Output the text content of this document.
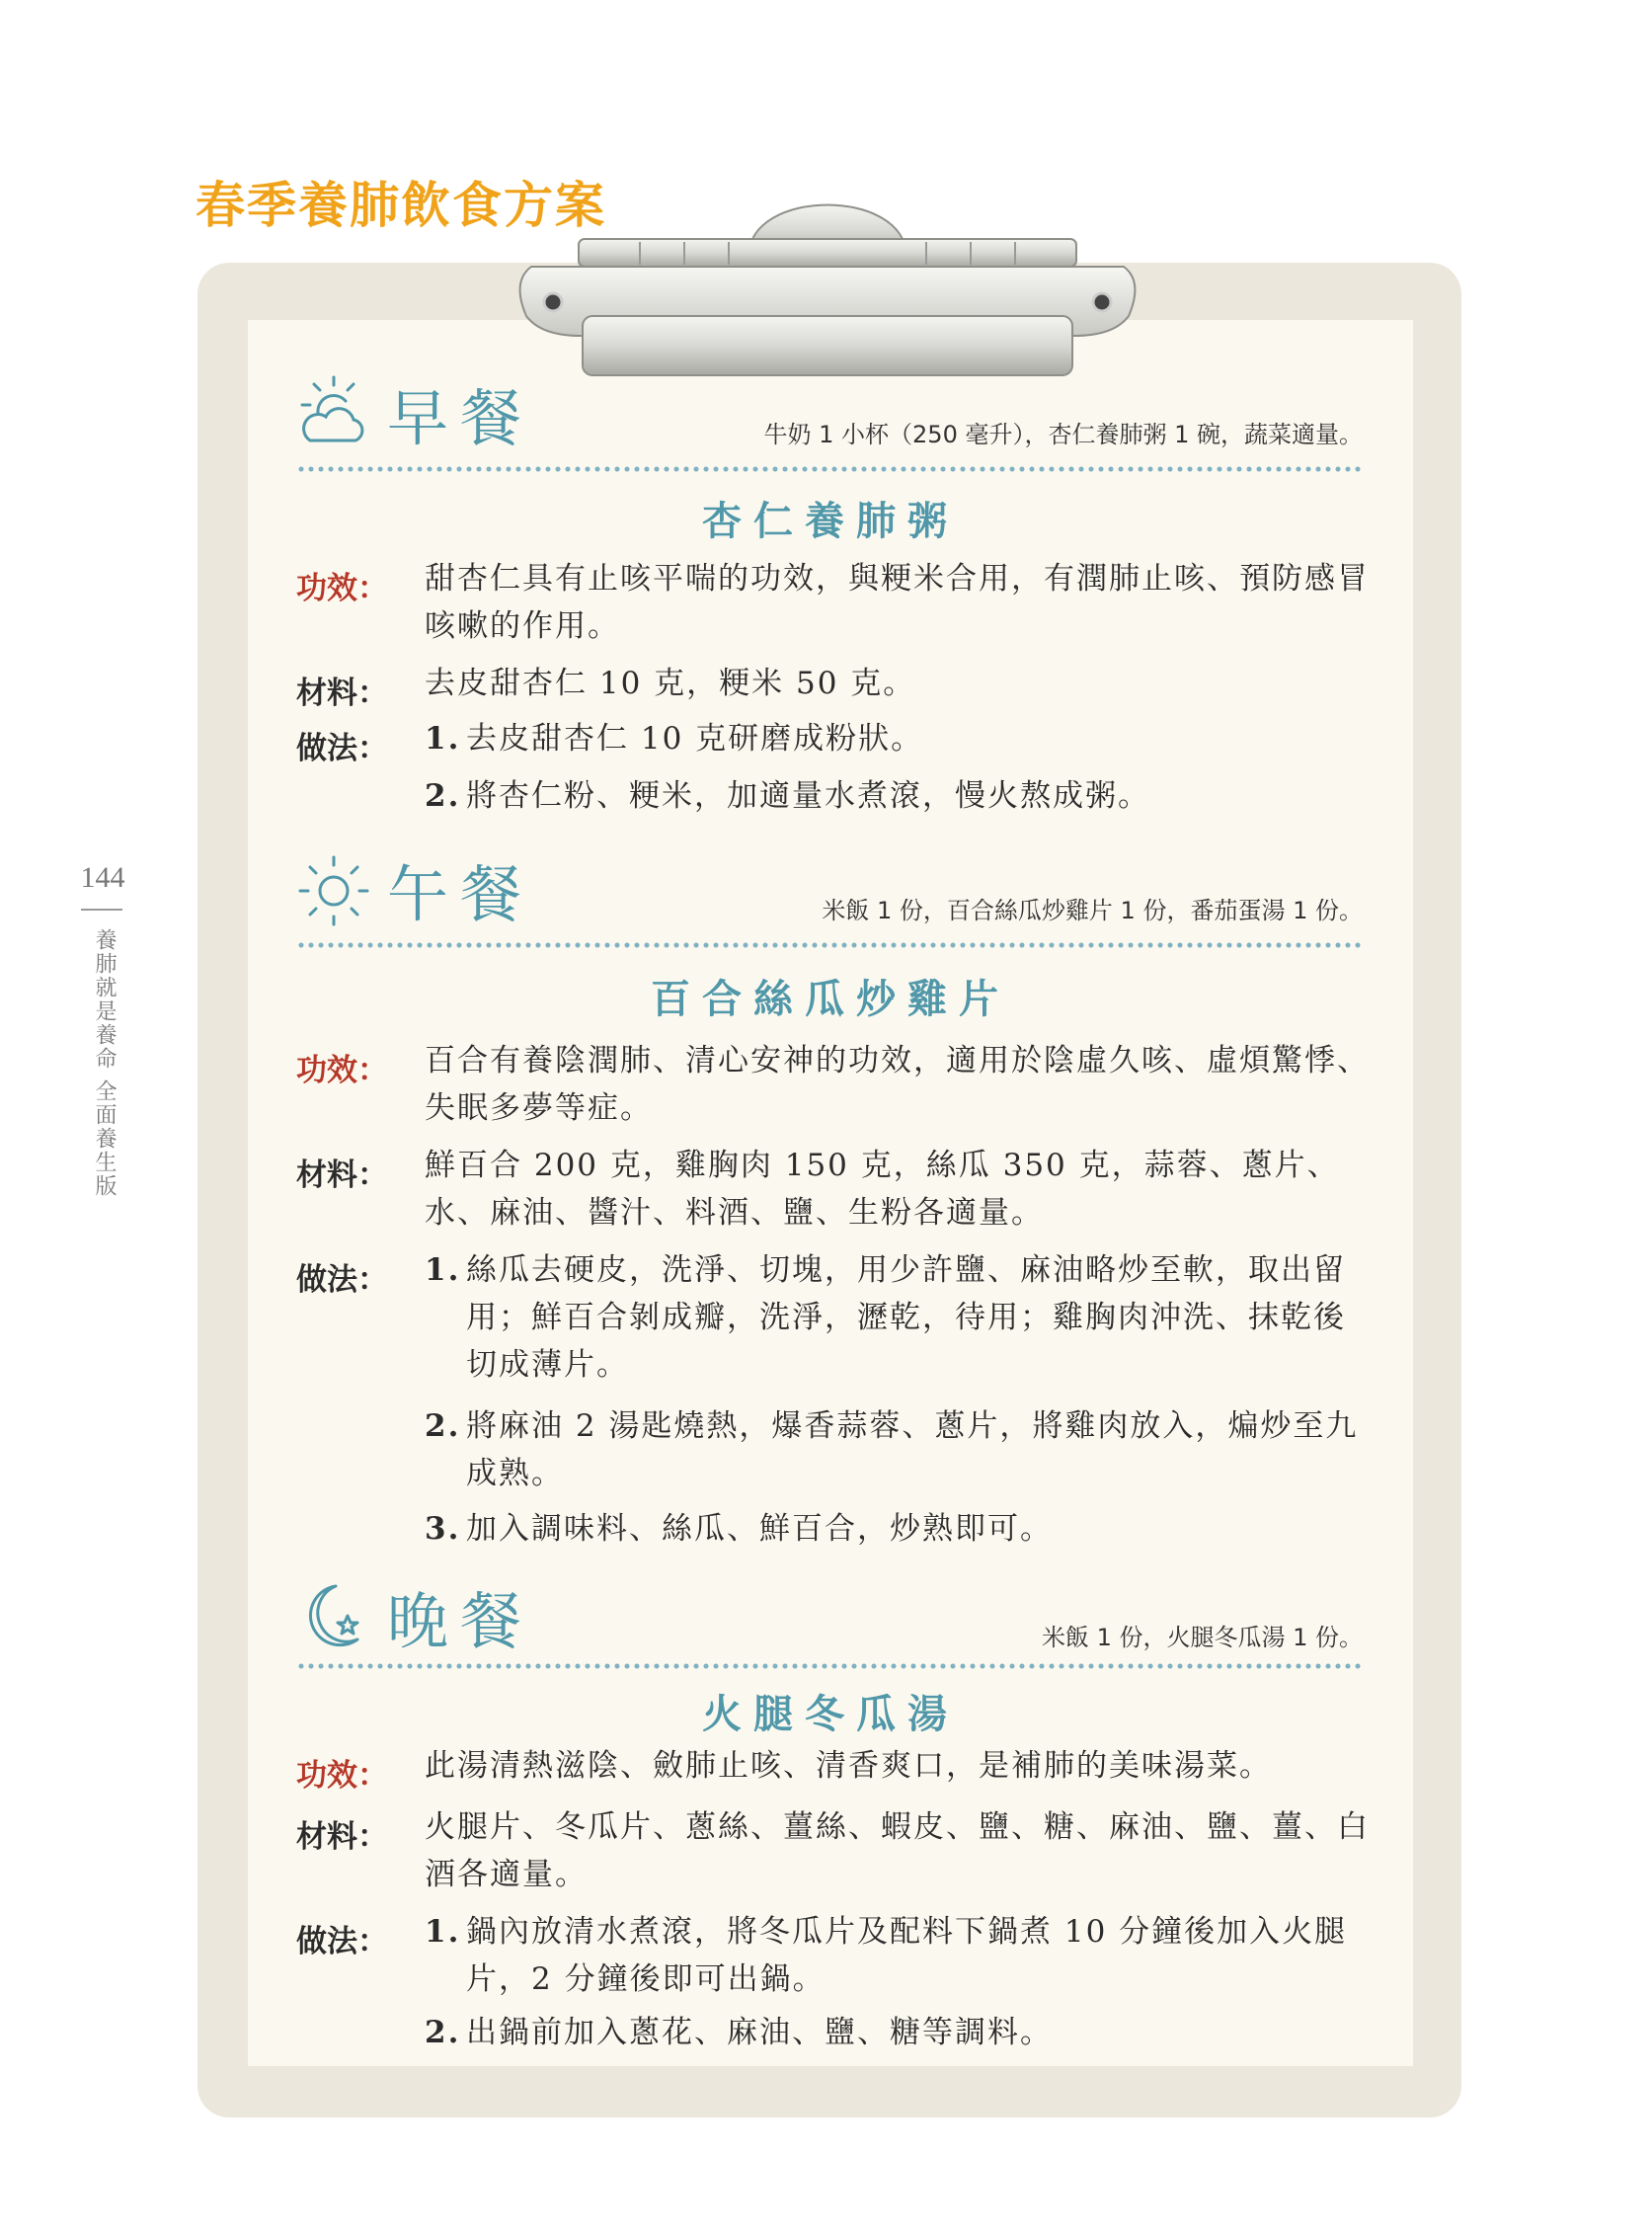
春季養肺飲食方案
144
養肺就是養命 全面養生版
早餐	牛奶 1 小杯（250 毫升），杏仁養肺粥 1 碗，蔬菜適量。
杏仁養肺粥
功效： 甜杏仁具有止咳平喘的功效，與粳米合用，有潤肺止咳、預防感冒咳嗽的作用。
材料： 去皮甜杏仁 10 克，粳米 50 克。
做法： 1. 去皮甜杏仁 10 克研磨成粉狀。
2. 將杏仁粉、粳米，加適量水煮滾，慢火熬成粥。
午餐	米飯 1 份，百合絲瓜炒雞片 1 份，番茄蛋湯 1 份。
百合絲瓜炒雞片
功效： 百合有養陰潤肺、清心安神的功效，適用於陰虛久咳、虛煩驚悸、失眠多夢等症。
材料： 鮮百合 200 克，雞胸肉 150 克，絲瓜 350 克，蒜蓉、蔥片、水、麻油、醬汁、料酒、鹽、生粉各適量。
做法： 1. 絲瓜去硬皮，洗淨、切塊，用少許鹽、麻油略炒至軟，取出留用；鮮百合剝成瓣，洗淨，瀝乾，待用；雞胸肉沖洗、抹乾後切成薄片。
2. 將麻油 2 湯匙燒熱，爆香蒜蓉、蔥片，將雞肉放入，煸炒至九成熟。
3. 加入調味料、絲瓜、鮮百合，炒熟即可。
晚餐	米飯 1 份，火腿冬瓜湯 1 份。
火腿冬瓜湯
功效： 此湯清熱滋陰、斂肺止咳、清香爽口，是補肺的美味湯菜。
材料： 火腿片、冬瓜片、蔥絲、薑絲、蝦皮、鹽、糖、麻油、鹽、薑、白酒各適量。
做法： 1. 鍋內放清水煮滾，將冬瓜片及配料下鍋煮 10 分鐘後加入火腿片，2 分鐘後即可出鍋。
2. 出鍋前加入蔥花、麻油、鹽、糖等調料。
